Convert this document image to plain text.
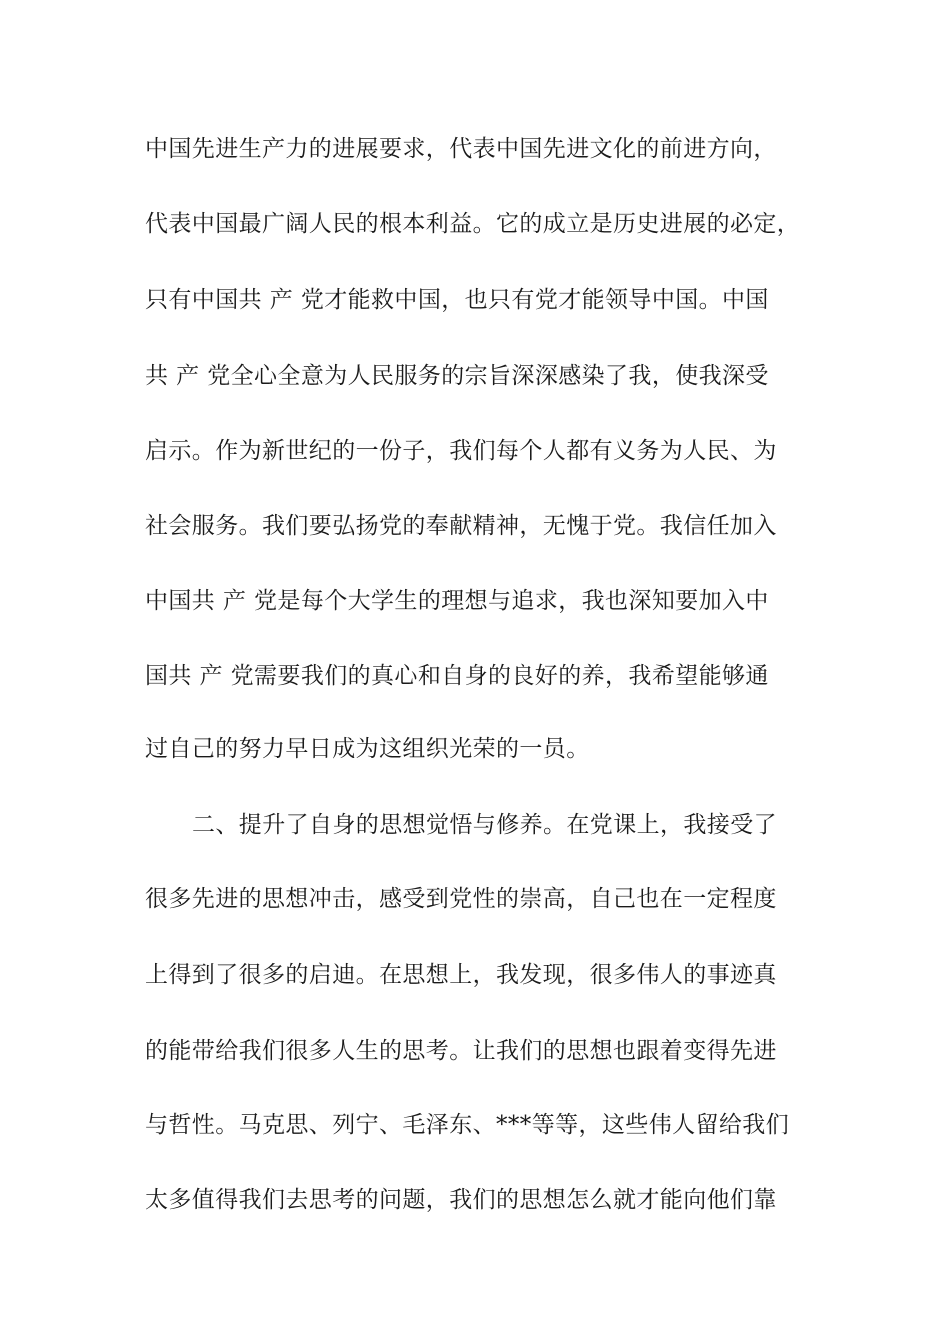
中国先进生产力的进展要求，代表中国先进文化的前进方向，
代表中国最广阔人民的根本利益。它的成立是历史进展的必定，
只有中国共 产 党才能救中国，也只有党才能领导中国。中国
共 产 党全心全意为人民服务的宗旨深深感染了我，使我深受
启示。作为新世纪的一份子，我们每个人都有义务为人民、为
社会服务。我们要弘扬党的奉献精神，无愧于党。我信任加入
中国共 产 党是每个大学生的理想与追求，我也深知要加入中
国共 产 党需要我们的真心和自身的良好的养，我希望能够通
过自己的努力早日成为这组织光荣的一员。
二、提升了自身的思想觉悟与修养。在党课上，我接受了
很多先进的思想冲击，感受到党性的崇高，自己也在一定程度
上得到了很多的启迪。在思想上，我发现，很多伟人的事迹真
的能带给我们很多人生的思考。让我们的思想也跟着变得先进
与哲性。马克思、列宁、毛泽东、***等等，这些伟人留给我们
太多值得我们去思考的问题，我们的思想怎么就才能向他们靠
